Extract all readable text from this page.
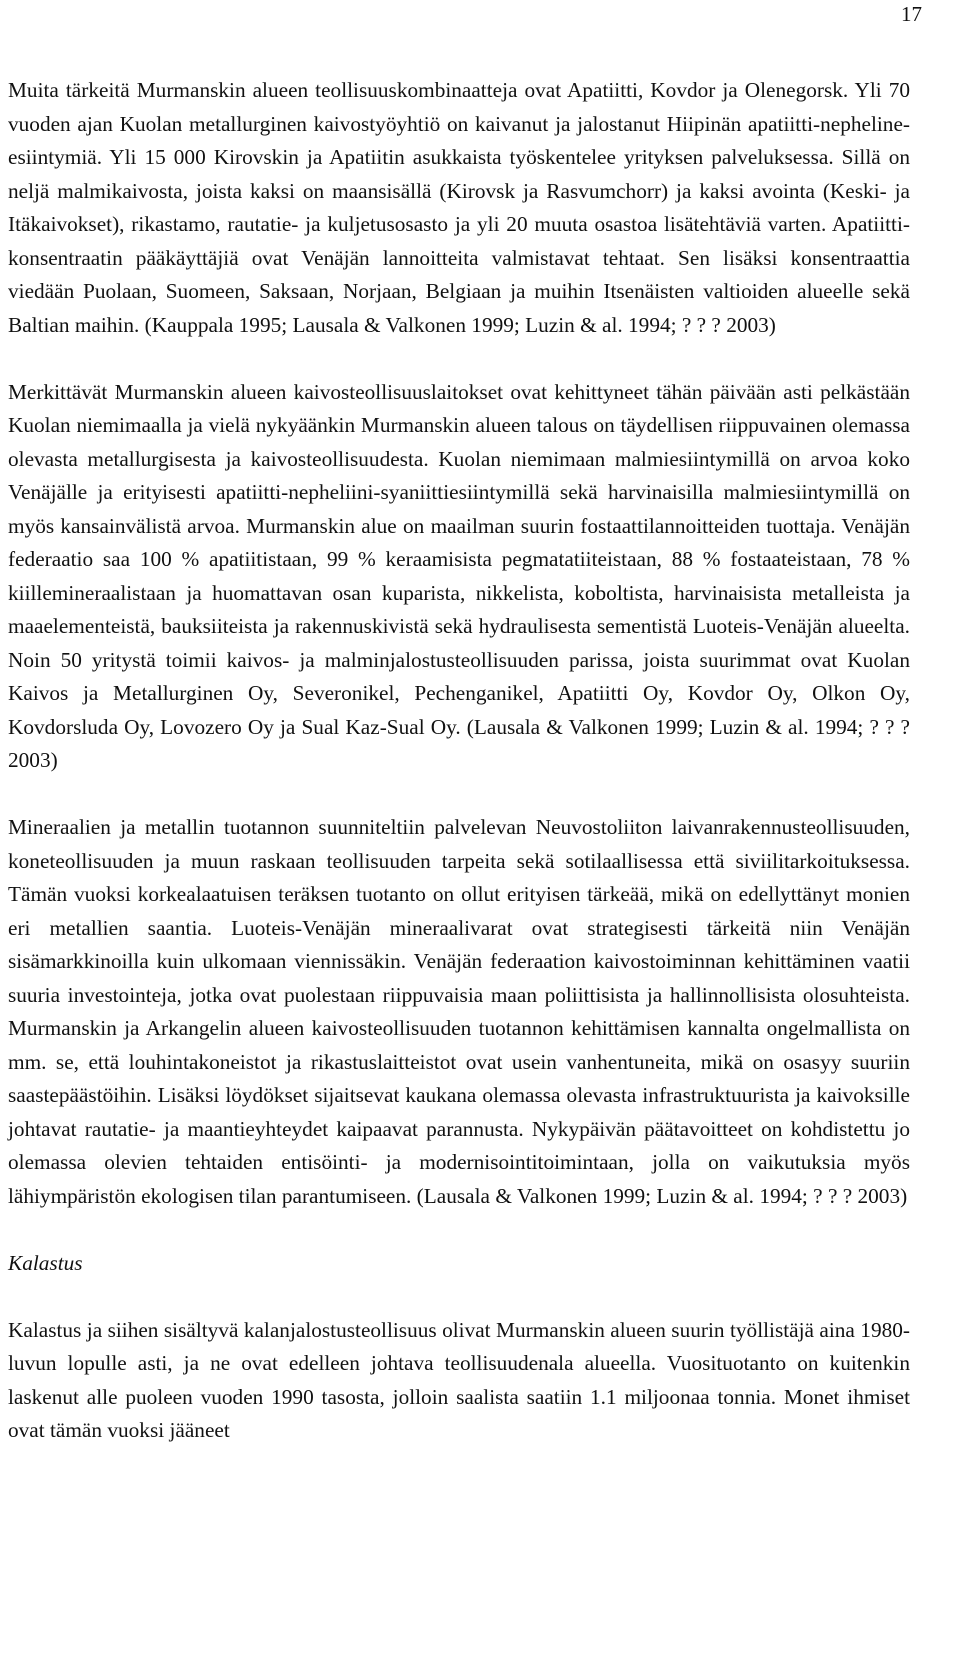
17

Muita tärkeitä Murmanskin alueen teollisuuskombinaatteja ovat Apatiitti, Kovdor ja Olenegorsk. Yli 70 vuoden ajan Kuolan metallurginen kaivostyöyhtiö on kaivanut ja jalostanut Hiipinän apatiitti-nepheline-esiintymiä. Yli 15 000 Kirovskin ja Apatiitin asukkaista työskentelee yrityksen palveluksessa. Sillä on neljä malmikaivosta, joista kaksi on maansisällä (Kirovsk ja Rasvumchorr) ja kaksi avointa (Keski- ja Itäkaivokset), rikastamo, rautatie- ja kuljetusosasto ja yli 20 muuta osastoa lisätehtäviä varten. Apatiitti-konsentraatin pääkäyttäjiä ovat Venäjän lannoitteita valmistavat tehtaat. Sen lisäksi konsentraattia viedään Puolaan, Suomeen, Saksaan, Norjaan, Belgiaan ja muihin Itsenäisten valtioiden alueelle sekä Baltian maihin. (Kauppala 1995; Lausala & Valkonen 1999; Luzin & al. 1994; ? ? ? 2003)

Merkittävät Murmanskin alueen kaivosteollisuuslaitokset ovat kehittyneet tähän päivään asti pelkästään Kuolan niemimaalla ja vielä nykyäänkin Murmanskin alueen talous on täydellisen riippuvainen olemassa olevasta metallurgisesta ja kaivosteollisuudesta. Kuolan niemimaan malmiesiintymillä on arvoa koko Venäjälle ja erityisesti apatiitti-nepheliini-syaniittiesiintymillä sekä harvinaisilla malmiesiintymillä on myös kansainvälistä arvoa. Murmanskin alue on maailman suurin fostaattilannoitteiden tuottaja. Venäjän federaatio saa 100 % apatiitistaan, 99 % keraamisista pegmatatiiteistaan, 88 % fostaateistaan, 78 % kiillemineraalistaan ja huomattavan osan kuparista, nikkelista, koboltista, harvinaisista metalleista ja maaelementeistä, bauksiiteista ja rakennuskivistä sekä hydraulisesta sementistä Luoteis-Venäjän alueelta. Noin 50 yritystä toimii kaivos- ja malminjalostusteollisuuden parissa, joista suurimmat ovat Kuolan Kaivos ja Metallurginen Oy, Severonikel, Pechenganikel, Apatiitti Oy, Kovdor Oy, Olkon Oy, Kovdorsluda Oy, Lovozero Oy ja Sual Kaz-Sual Oy. (Lausala & Valkonen 1999; Luzin & al. 1994; ? ? ? 2003)

Mineraalien ja metallin tuotannon suunniteltiin palvelevan Neuvostoliiton laivanrakennusteollisuuden, koneteollisuuden ja muun raskaan teollisuuden tarpeita sekä sotilaallisessa että siviilitarkoituksessa. Tämän vuoksi korkealaatuisen teräksen tuotanto on ollut erityisen tärkeää, mikä on edellyttänyt monien eri metallien saantia. Luoteis-Venäjän mineraalivarat ovat strategisesti tärkeitä niin Venäjän sisämarkkinoilla kuin ulkomaan viennissäkin. Venäjän federaation kaivostoiminnan kehittäminen vaatii suuria investointeja, jotka ovat puolestaan riippuvaisia maan poliittisista ja hallinnollisista olosuhteista. Murmanskin ja Arkangelin alueen kaivosteollisuuden tuotannon kehittämisen kannalta ongelmallista on mm. se, että louhintakoneistot ja rikastuslaitteistot ovat usein vanhentuneita, mikä on osasyy suuriin saastepäästöihin. Lisäksi löydökset sijaitsevat kaukana olemassa olevasta infrastruktuurista ja kaivoksille johtavat rautatie- ja maantieyhteydet kaipaavat parannusta. Nykypäivän päätavoitteet on kohdistettu jo olemassa olevien tehtaiden entisöinti- ja modernisointitoimintaan, jolla on vaikutuksia myös lähiympäristön ekologisen tilan parantumiseen. (Lausala & Valkonen 1999; Luzin & al. 1994; ? ? ? 2003)

Kalastus

Kalastus ja siihen sisältyvä kalanjalostusteollisuus olivat Murmanskin alueen suurin työllistäjä aina 1980-luvun lopulle asti, ja ne ovat edelleen johtava teollisuudenala alueella. Vuosituotanto on kuitenkin laskenut alle puoleen vuoden 1990 tasosta, jolloin saalista saatiin 1.1 miljoonaa tonnia. Monet ihmiset ovat tämän vuoksi jääneet
